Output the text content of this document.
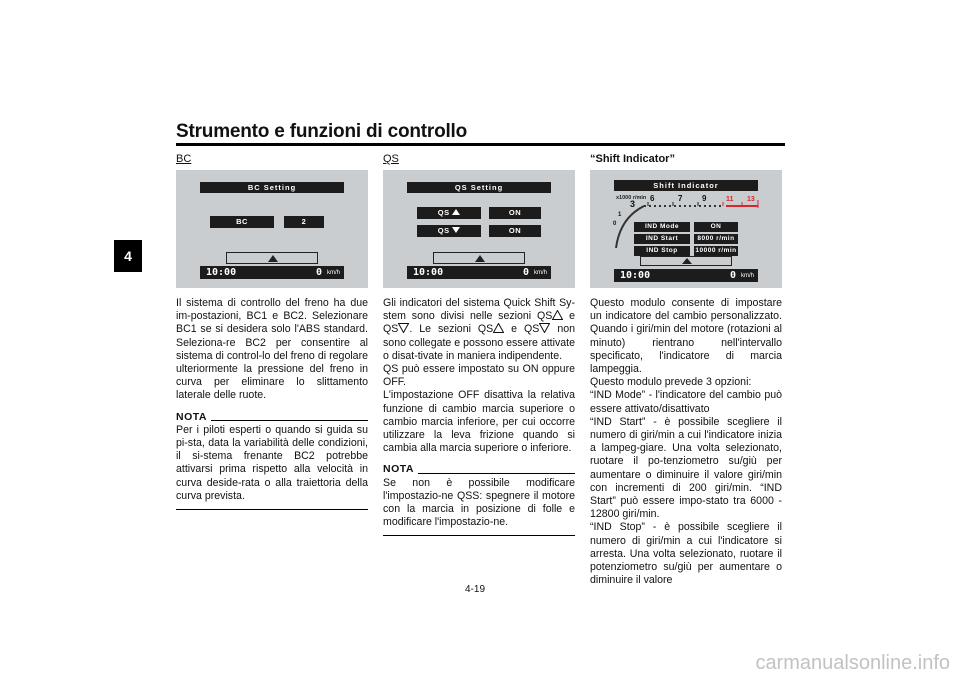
Strumento e funzioni di controllo
4
BC
BC Setting
BC	2
10:00	0 km/h

Il sistema di controllo del freno ha due im-postazioni, BC1 e BC2. Selezionare BC1 se si desidera solo l'ABS standard. Seleziona-re BC2 per consentire al sistema di control-lo del freno di regolare ulteriormente la pressione del freno in curva per eliminare lo slittamento laterale delle ruote.

NOTA

Per i piloti esperti o quando si guida su pi-sta, data la variabilità delle condizioni, il si-stema frenante BC2 potrebbe attivarsi prima rispetto alla velocità in curva deside-rata o alla traiettoria della curva prevista.

QS
QS Setting
QS	ON
QS	ON
10:00	0 km/h

Gli indicatori del sistema Quick Shift Sy-stem sono divisi nelle sezioni QS e QS . Le sezioni QS e QS non sono collegate e possono essere attivate o disat-tivate in maniera indipendente.

QS può essere impostato su ON oppure OFF.

L'impostazione OFF disattiva la relativa funzione di cambio marcia superiore o cambio marcia inferiore, per cui occorre utilizzare la leva frizione quando si cambia alla marcia superiore o inferiore.

NOTA

Se non è possibile modificare l'impostazio-ne QSS: spegnere il motore con la marcia in posizione di folle e modificare l'impostazio-ne.

“Shift Indicator”
Shift Indicator
x1000 r/min
3
6	7 9	11 13
1
0	IND Mode	ON
IND Start	8000 r/min
IND Stop	10000 r/min
10:00	0 km/h

Questo modulo consente di impostare un indicatore del cambio personalizzato. Quando i giri/min del motore (rotazioni al minuto) rientrano nell'intervallo specificato, l'indicatore di marcia lampeggia.

Questo modulo prevede 3 opzioni:

“IND Mode” - l'indicatore del cambio può essere attivato/disattivato

“IND Start” - è possibile scegliere il numero di giri/min a cui l'indicatore inizia a lampeg-giare. Una volta selezionato, ruotare il po-tenziometro su/giù per aumentare o diminuire il valore giri/min con incrementi di 200 giri/min. “IND Start” può essere impo-stato tra 6000 - 12800 giri/min.

“IND Stop” - è possibile scegliere il numero di giri/min a cui l'indicatore si arresta. Una volta selezionato, ruotare il potenziometro su/giù per aumentare o diminuire il valore

4-19
carmanualsonline.info
